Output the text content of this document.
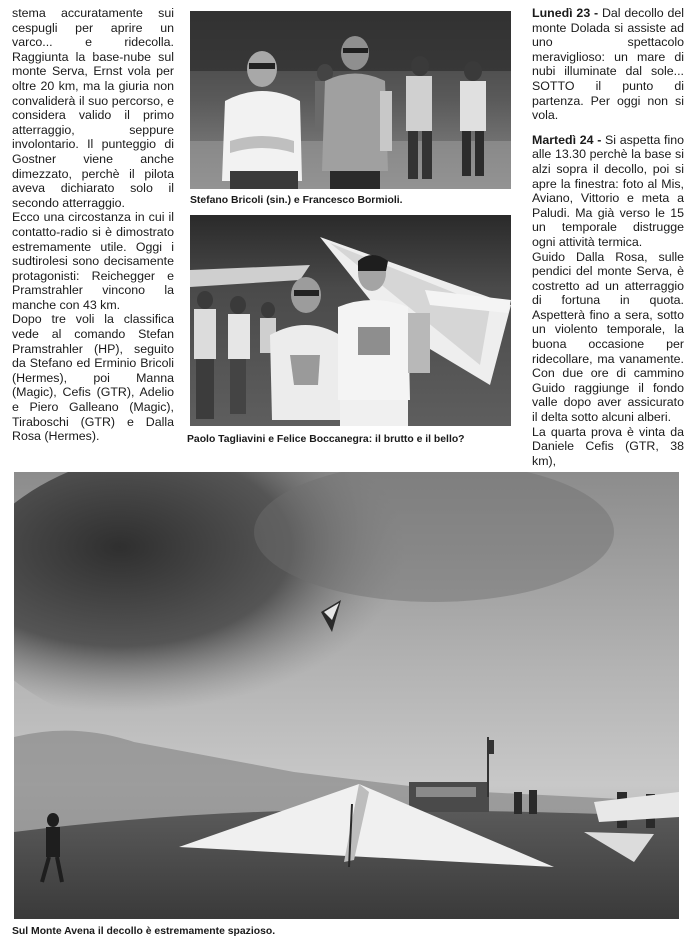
stema accuratamente sui cespugli per aprire un varco... e ridecolla. Raggiunta la base-nube sul monte Serva, Ernst vola per oltre 20 km, ma la giuria non convaliderà il suo percorso, e considera valido il primo atterraggio, seppure involontario. Il punteggio di Gostner viene anche dimezzato, perchè il pilota aveva dichiarato solo il secondo atterraggio.

Ecco una circostanza in cui il contatto-radio si è dimostrato estremamente utile. Oggi i sudtirolesi sono decisamente protagonisti: Reichegger e Pramstrahler vincono la manche con 43 km.

Dopo tre voli la classifica vede al comando Stefan Pramstrahler (HP), seguito da Stefano ed Erminio Bricoli (Hermes), poi Manna (Magic), Cefis (GTR), Adelio e Piero Galleano (Magic), Tiraboschi (GTR) e Dalla Rosa (Hermes).

Stefano Bricoli (sin.) e Francesco Bormioli.
Paolo Tagliavini e Felice Boccanegra: il brutto e il bello?

Lunedì 23 - Dal decollo del monte Dolada si assiste ad uno spettacolo meraviglioso: un mare di nubi illuminate dal sole... SOTTO il punto di partenza. Per oggi non si vola.

Martedì 24 - Si aspetta fino alle 13.30 perchè la base si alzi sopra il decollo, poi si apre la finestra: foto al Mis, Aviano, Vittorio e meta a Paludi. Ma già verso le 15 un temporale distrugge ogni attività termica.

Guido Dalla Rosa, sulle pendici del monte Serva, è costretto ad un atterraggio di fortuna in quota. Aspetterà fino a sera, sotto un violento temporale, la buona occasione per ridecollare, ma vanamente. Con due ore di cammino Guido raggiunge il fondo valle dopo aver assicurato il delta sotto alcuni alberi.

La quarta prova è vinta da Daniele Cefis (GTR, 38 km),

Sul Monte Avena il decollo è estremamente spazioso.
